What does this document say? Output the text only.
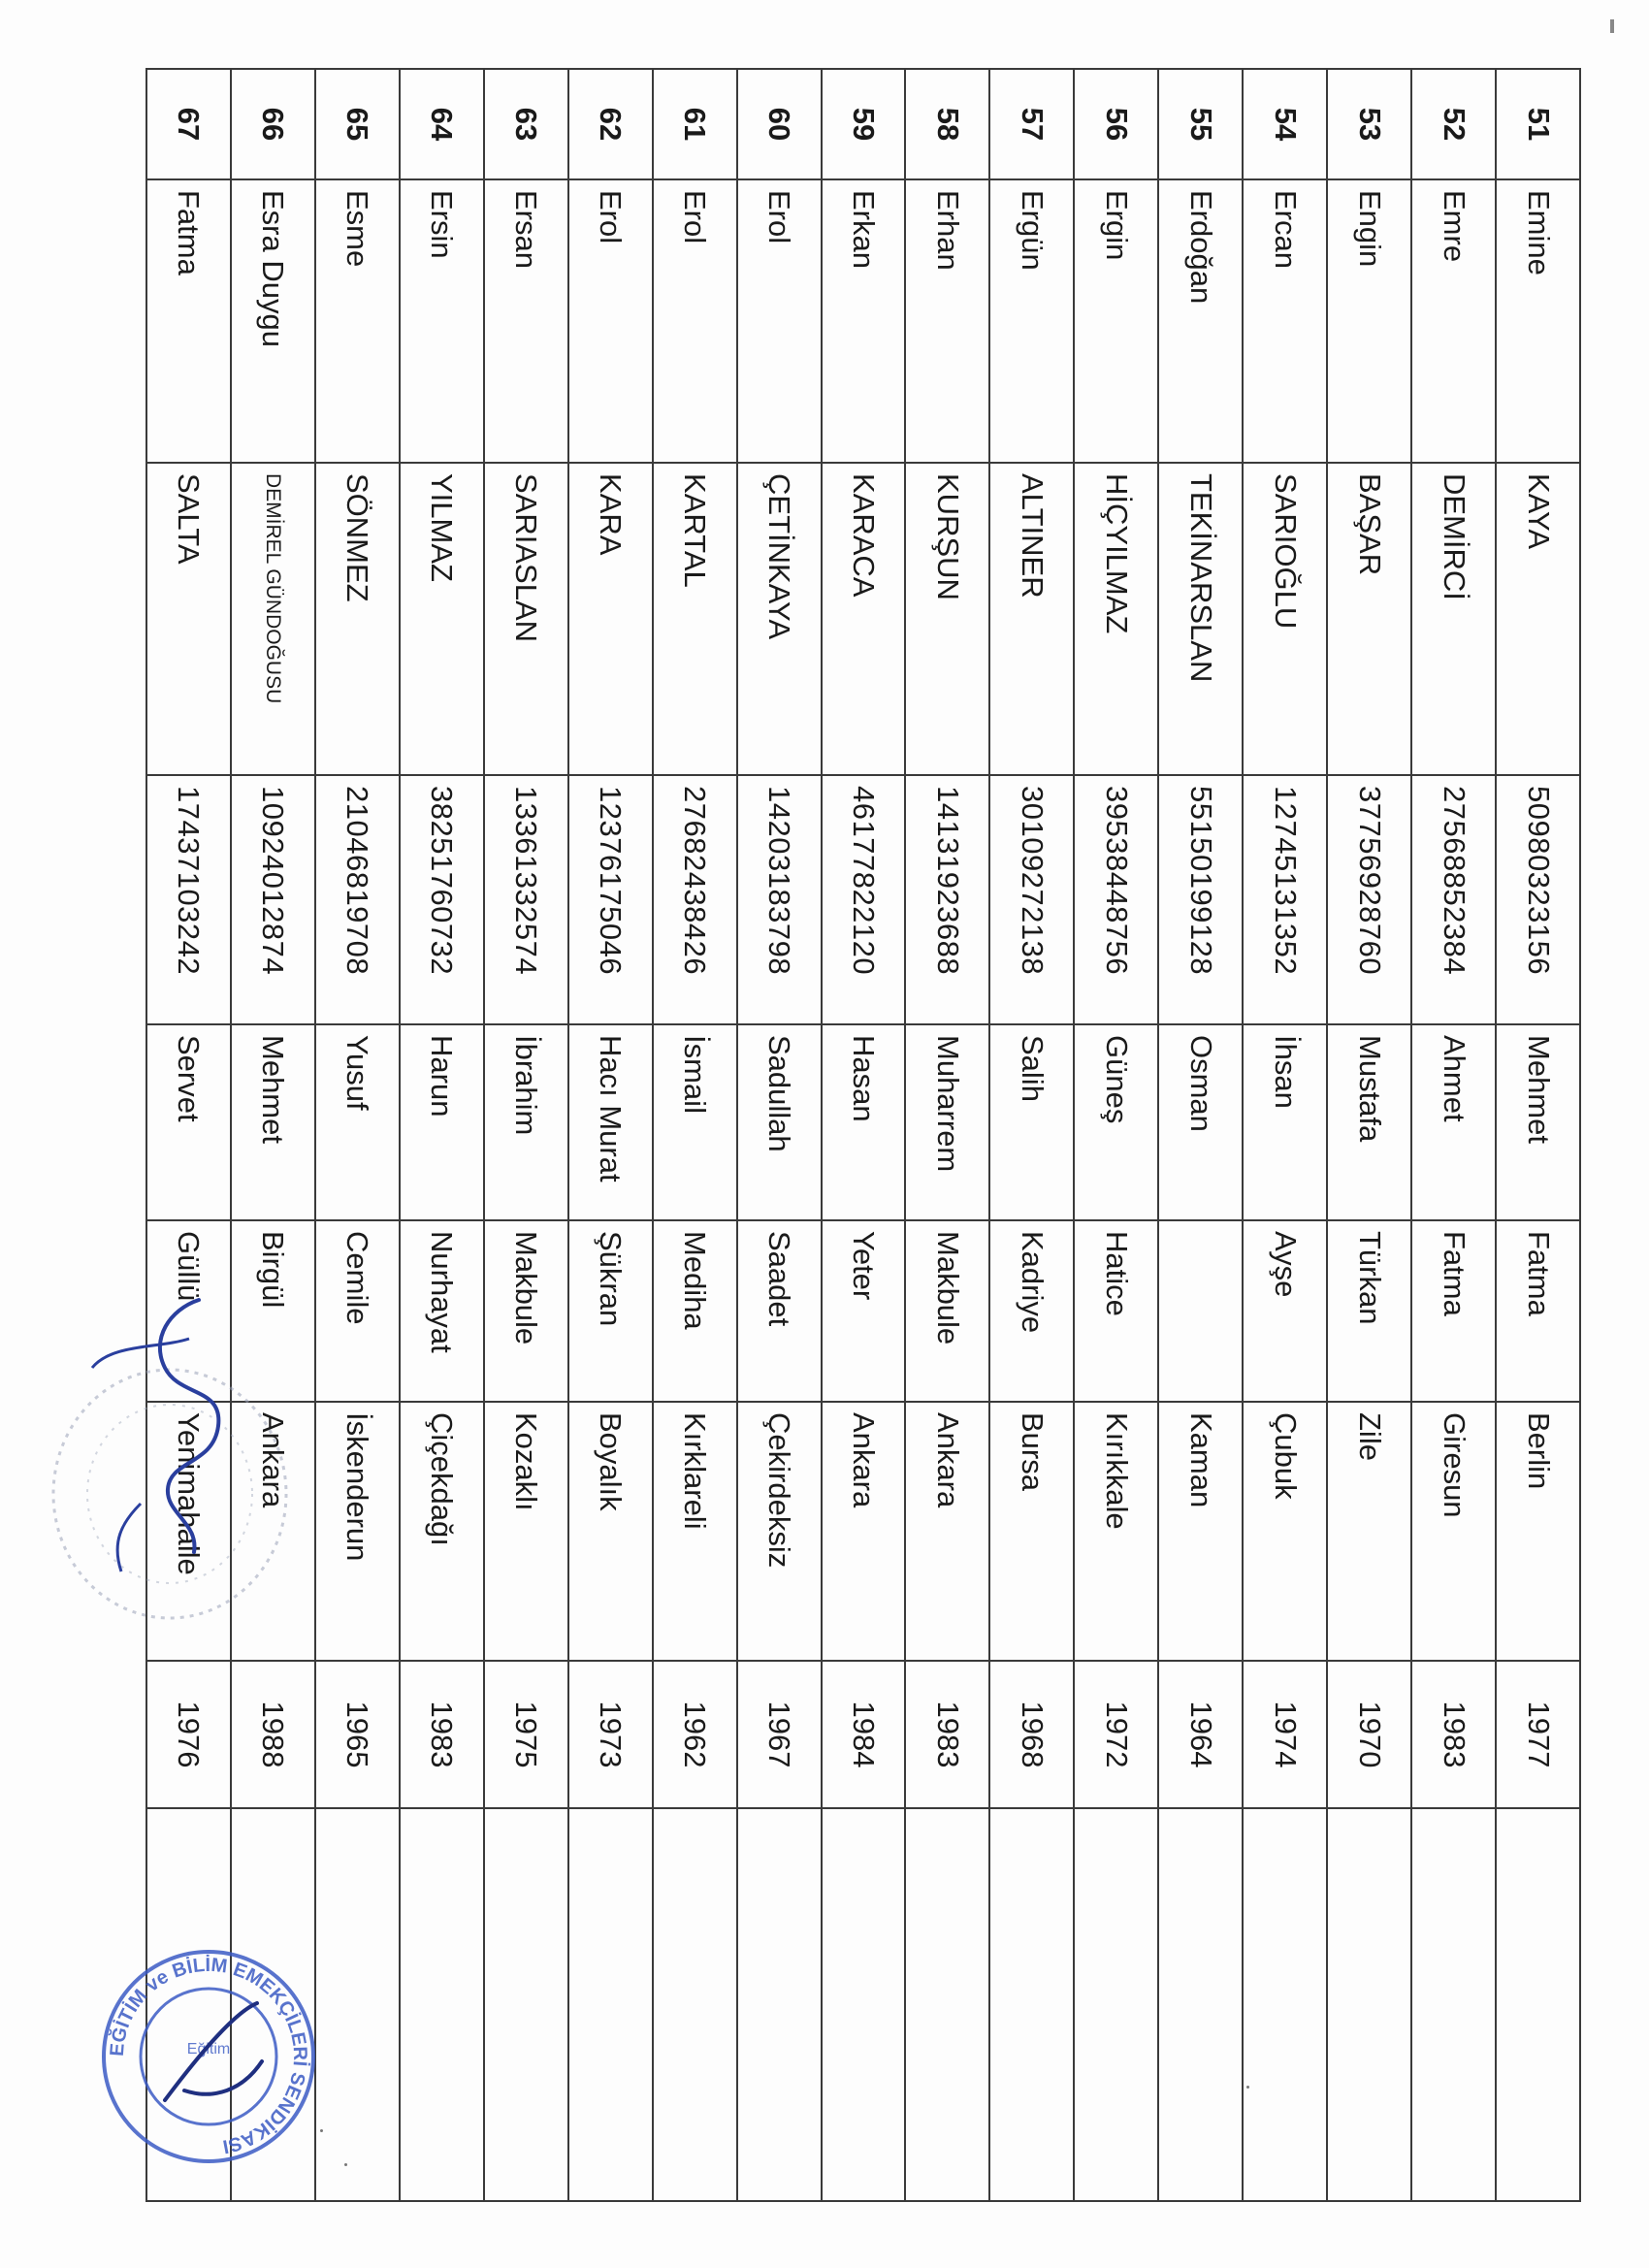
51	Emine	KAYA	50980323156	Mehmet	Fatma	Berlin	1977	
52	Emre	DEMİRCİ	27568852384	Ahmet	Fatma	Giresun	1983	
53	Engin	BAŞAR	37756928760	Mustafa	Türkan	Zile	1970	
54	Ercan	SARIOĞLU	12745131352	İhsan	Ayşe	Çubuk	1974	
55	Erdoğan	TEKİNARSLAN	55150199128	Osman		Kaman	1964	
56	Ergin	HİÇYILMAZ	39538448756	Güneş	Hatice	Kırıkkale	1972	
57	Ergün	ALTINER	30109272138	Salih	Kadriye	Bursa	1968	
58	Erhan	KURŞUN	14131923688	Muharrem	Makbule	Ankara	1983	
59	Erkan	KARACA	46177822120	Hasan	Yeter	Ankara	1984	
60	Erol	ÇETİNKAYA	14203183798	Sadullah	Saadet	Çekirdeksiz	1967	
61	Erol	KARTAL	27682438426	İsmail	Mediha	Kırklareli	1962	
62	Erol	KARA	12376175046	Hacı Murat	Şükran	Boyalık	1973	
63	Ersan	SARIASLAN	13361332574	İbrahim	Makbule	Kozaklı	1975	
64	Ersin	YILMAZ	38251760732	Harun	Nurhayat	Çiçekdağı	1983	
65	Esme	SÖNMEZ	21046819708	Yusuf	Cemile	İskenderun	1965	
66	Esra Duygu	DEMİREL GÜNDOĞUSU	10924012874	Mehmet	Birgül	Ankara	1988	
67	Fatma	SALTA	17437103242	Servet	Güllü	Yenimahalle	1976	
EĞİTİM ve BİLİM EMEKÇİLERİ SENDİKASI
Eğitim
